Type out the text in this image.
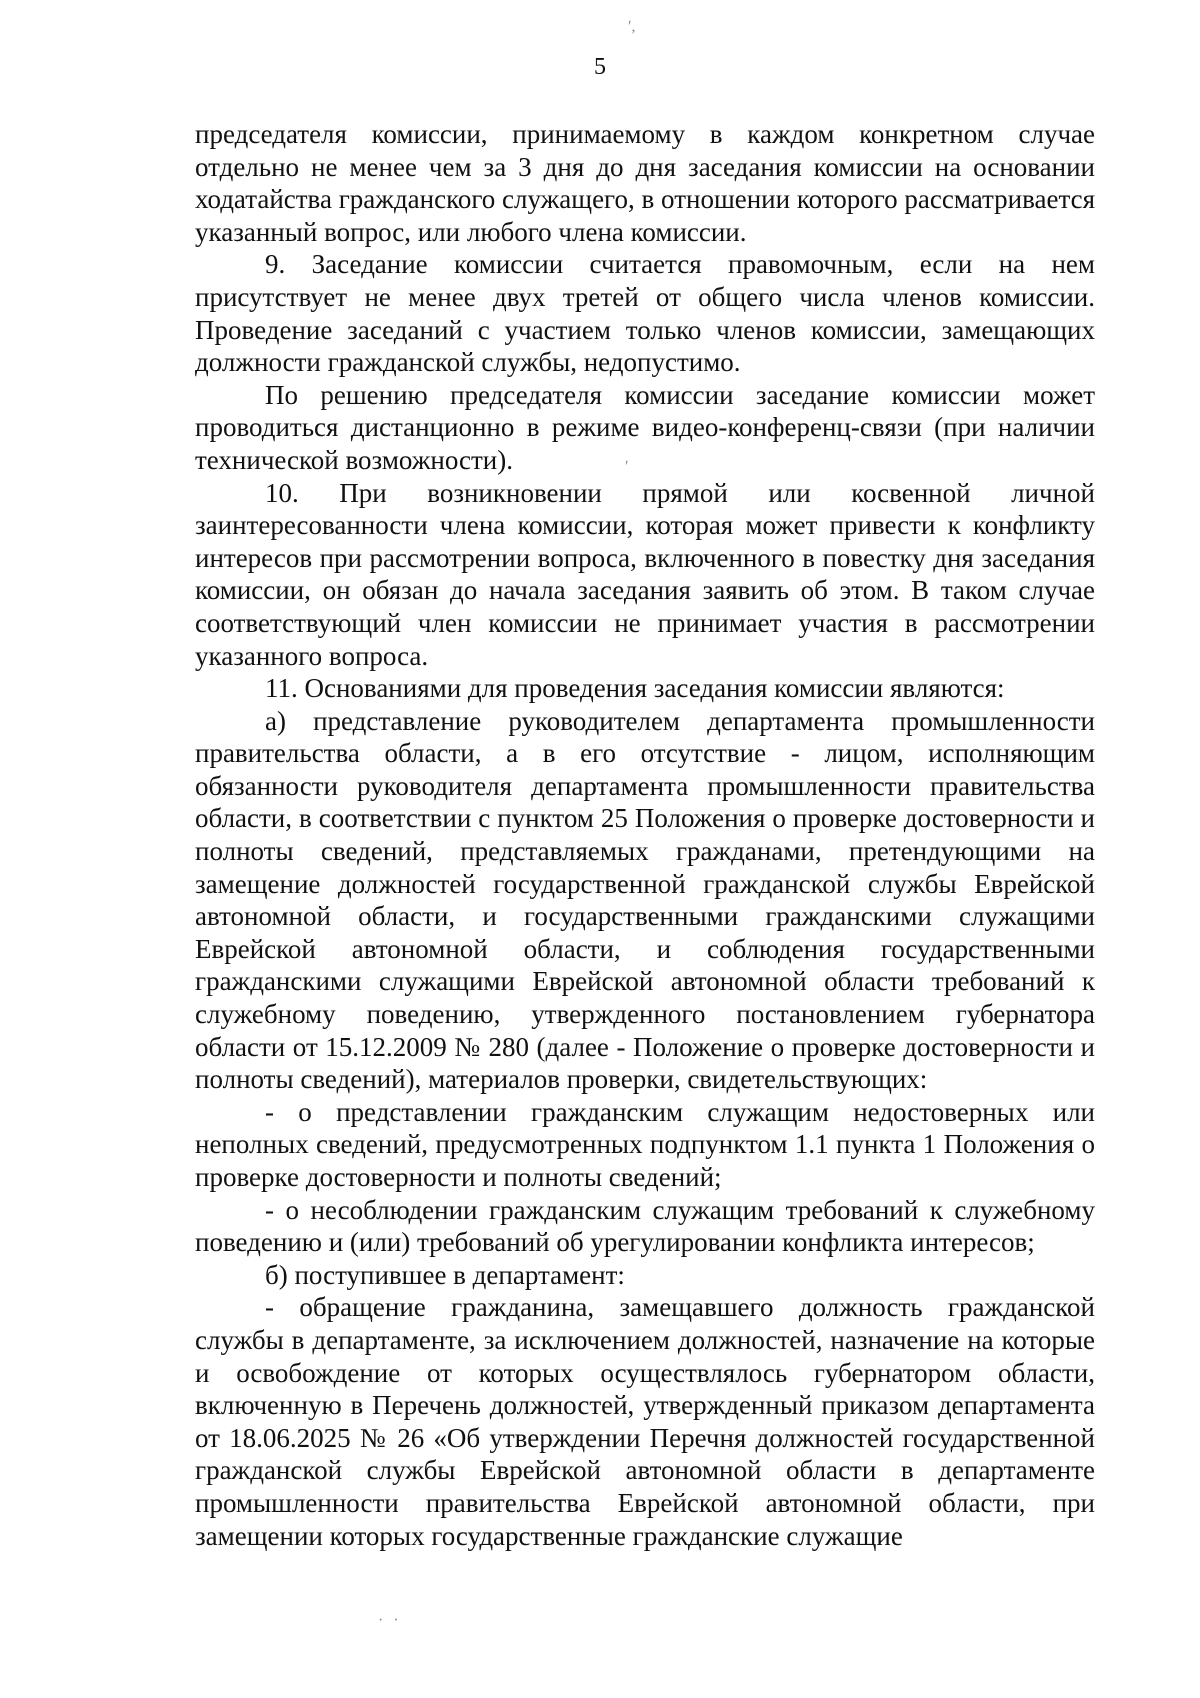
ʹ,
5

председателя комиссии, принимаемому в каждом конкретном случае отдельно не менее чем за 3 дня до дня заседания комиссии на основании ходатайства гражданского служащего, в отношении которого рассматривается указанный вопрос, или любого члена комиссии.

9. Заседание комиссии считается правомочным, если на нем присутствует не менее двух третей от общего числа членов комиссии. Проведение заседаний с участием только членов комиссии, замещающих должности гражданской службы, недопустимо.

По решению председателя комиссии заседание комиссии может проводиться дистанционно в режиме видео-конференц-связи (при наличии технической возможности).

10. При возникновении прямой или косвенной личной заинтересованности члена комиссии, которая может привести к конфликту интересов при рассмотрении вопроса, включенного в повестку дня заседания комиссии, он обязан до начала заседания заявить об этом. В таком случае соответствующий член комиссии не принимает участия в рассмотрении указанного вопроса.

11. Основаниями для проведения заседания комиссии являются:

а) представление руководителем департамента промышленности правительства области, а в его отсутствие - лицом, исполняющим обязанности руководителя департамента промышленности правительства области, в соответствии с пунктом 25 Положения о проверке достоверности и полноты сведений, представляемых гражданами, претендующими на замещение должностей государственной гражданской службы Еврейской автономной области, и государственными гражданскими служащими Еврейской автономной области, и соблюдения государственными гражданскими служащими Еврейской автономной области требований к служебному поведению, утвержденного постановлением губернатора области от 15.12.2009 № 280 (далее - Положение о проверке достоверности и полноты сведений), материалов проверки, свидетельствующих:

- о представлении гражданским служащим недостоверных или неполных сведений, предусмотренных подпунктом 1.1 пункта 1 Положения о проверке достоверности и полноты сведений;

- о несоблюдении гражданским служащим требований к служебному поведению и (или) требований об урегулировании конфликта интересов;

б) поступившее в департамент:

- обращение гражданина, замещавшего должность гражданской службы в департаменте, за исключением должностей, назначение на которые и освобождение от которых осуществлялось губернатором области, включенную в Перечень должностей, утвержденный приказом департамента от 18.06.2025 № 26 «Об утверждении Перечня должностей государственной гражданской службы Еврейской автономной области в департаменте промышленности правительства Еврейской автономной области, при замещении которых государственные гражданские служащие

ʹ
· ·
